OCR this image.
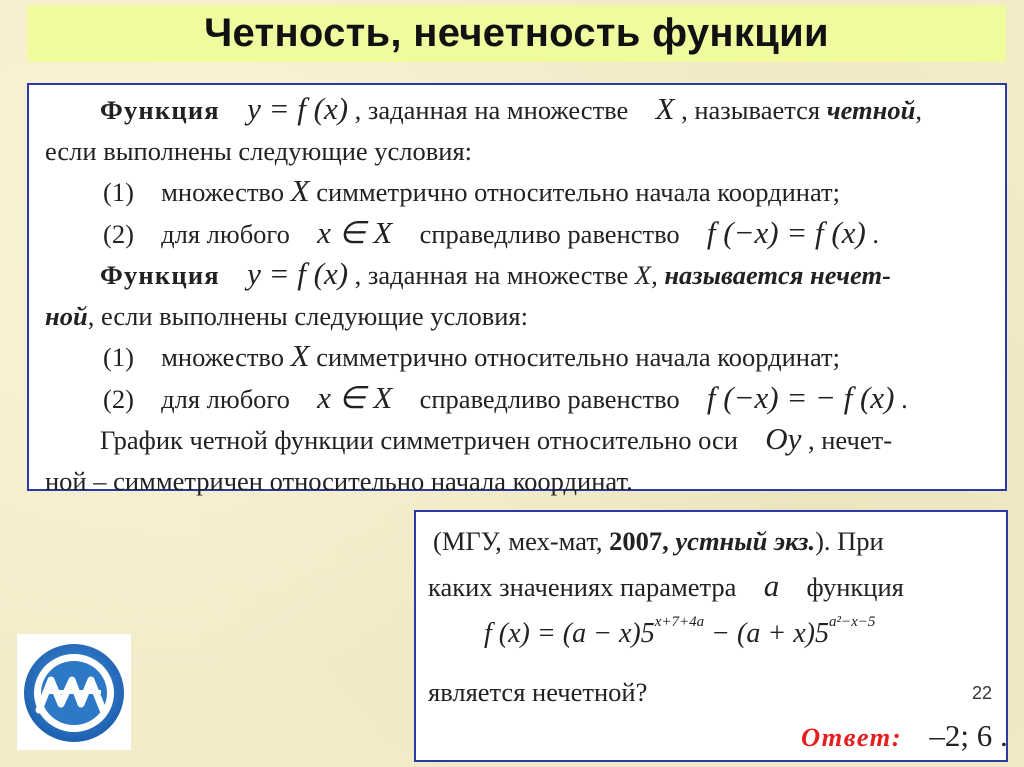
Четность, нечетность функции
Функция y = f (x) , заданная на множестве X , называется четной,
если выполнены следующие условия:
(1) множество X симметрично относительно начала координат;
(2) для любого x ∈ X справедливо равенство f (−x) = f (x) .
Функция y = f (x) , заданная на множестве X, называется нечет-
ной, если выполнены следующие условия:
(1) множество X симметрично относительно начала координат;
(2) для любого x ∈ X справедливо равенство f (−x) = − f (x) .
График четной функции симметричен относительно оси Oy , нечет-
ной – симметричен относительно начала координат.
(МГУ, мех-мат, 2007, устный экз.). При
каких значениях параметра a функция
f $(x) = (a - x)5^{x+7+4a} - (a + x)5^{a^2-x-5}$
является нечетной?	22
Ответ: –2; 6 .
